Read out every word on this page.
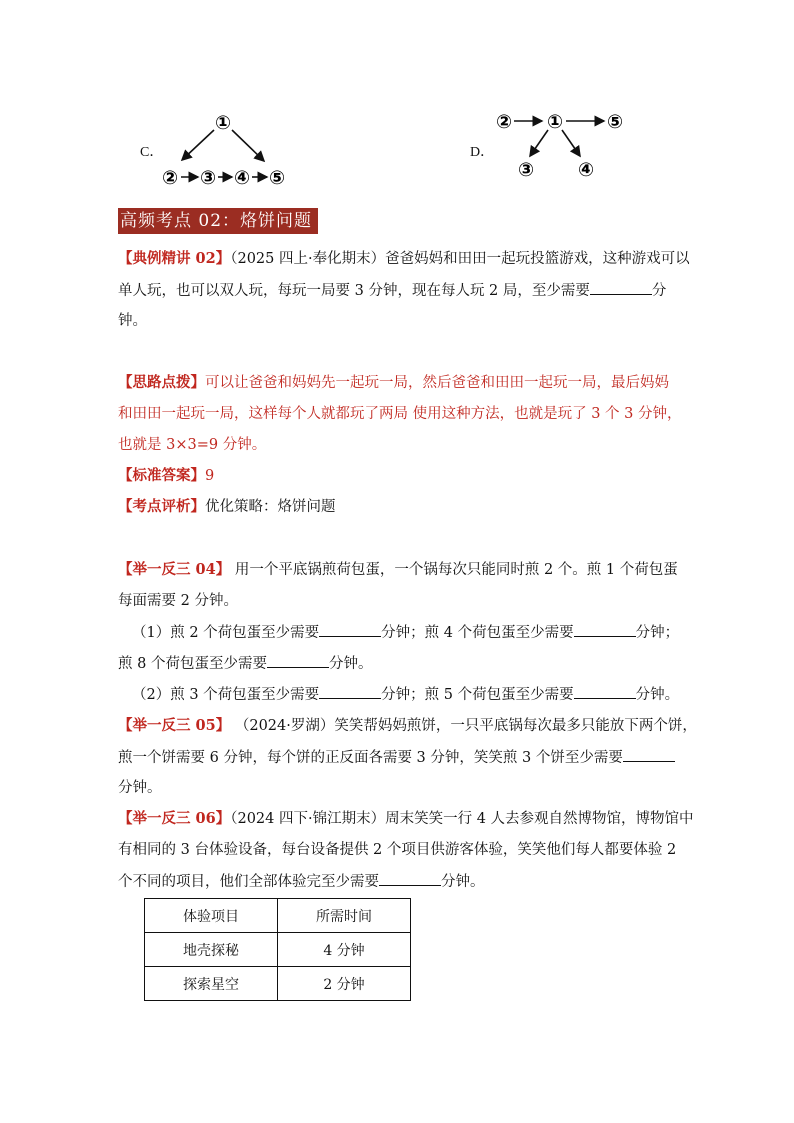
C．
①
② ③ ④ ⑤
D．
② ① ⑤
③ ④
高频考点 02：烙饼问题
【典例精讲 02】（2025 四上·奉化期末）爸爸妈妈和田田一起玩投篮游戏，这种游戏可以
单人玩，也可以双人玩，每玩一局要 3 分钟，现在每人玩 2 局，至少需要	分
钟。
【思路点拨】可以让爸爸和妈妈先一起玩一局，然后爸爸和田田一起玩一局，最后妈妈
和田田一起玩一局，这样每个人就都玩了两局 使用这种方法，也就是玩了 3 个 3 分钟，
也就是 3×3=9 分钟。
【标准答案】9
【考点评析】优化策略：烙饼问题
【举一反三 04】 用一个平底锅煎荷包蛋，一个锅每次只能同时煎 2 个。煎 1 个荷包蛋
每面需要 2 分钟。
（1）煎 2 个荷包蛋至少需要	分钟；煎 4 个荷包蛋至少需要	分钟；
煎 8 个荷包蛋至少需要	分钟。
（2）煎 3 个荷包蛋至少需要	分钟；煎 5 个荷包蛋至少需要	分钟。
【举一反三 05】 （2024·罗湖）笑笑帮妈妈煎饼，一只平底锅每次最多只能放下两个饼，
煎一个饼需要 6 分钟，每个饼的正反面各需要 3 分钟，笑笑煎 3 个饼至少需要
分钟。
【举一反三 06】（2024 四下·锦江期末）周末笑笑一行 4 人去参观自然博物馆，博物馆中
有相同的 3 台体验设备，每台设备提供 2 个项目供游客体验，笑笑他们每人都要体验 2
个不同的项目，他们全部体验完至少需要	分钟。
体验项目	所需时间
地壳探秘	4 分钟
探索星空	2 分钟
